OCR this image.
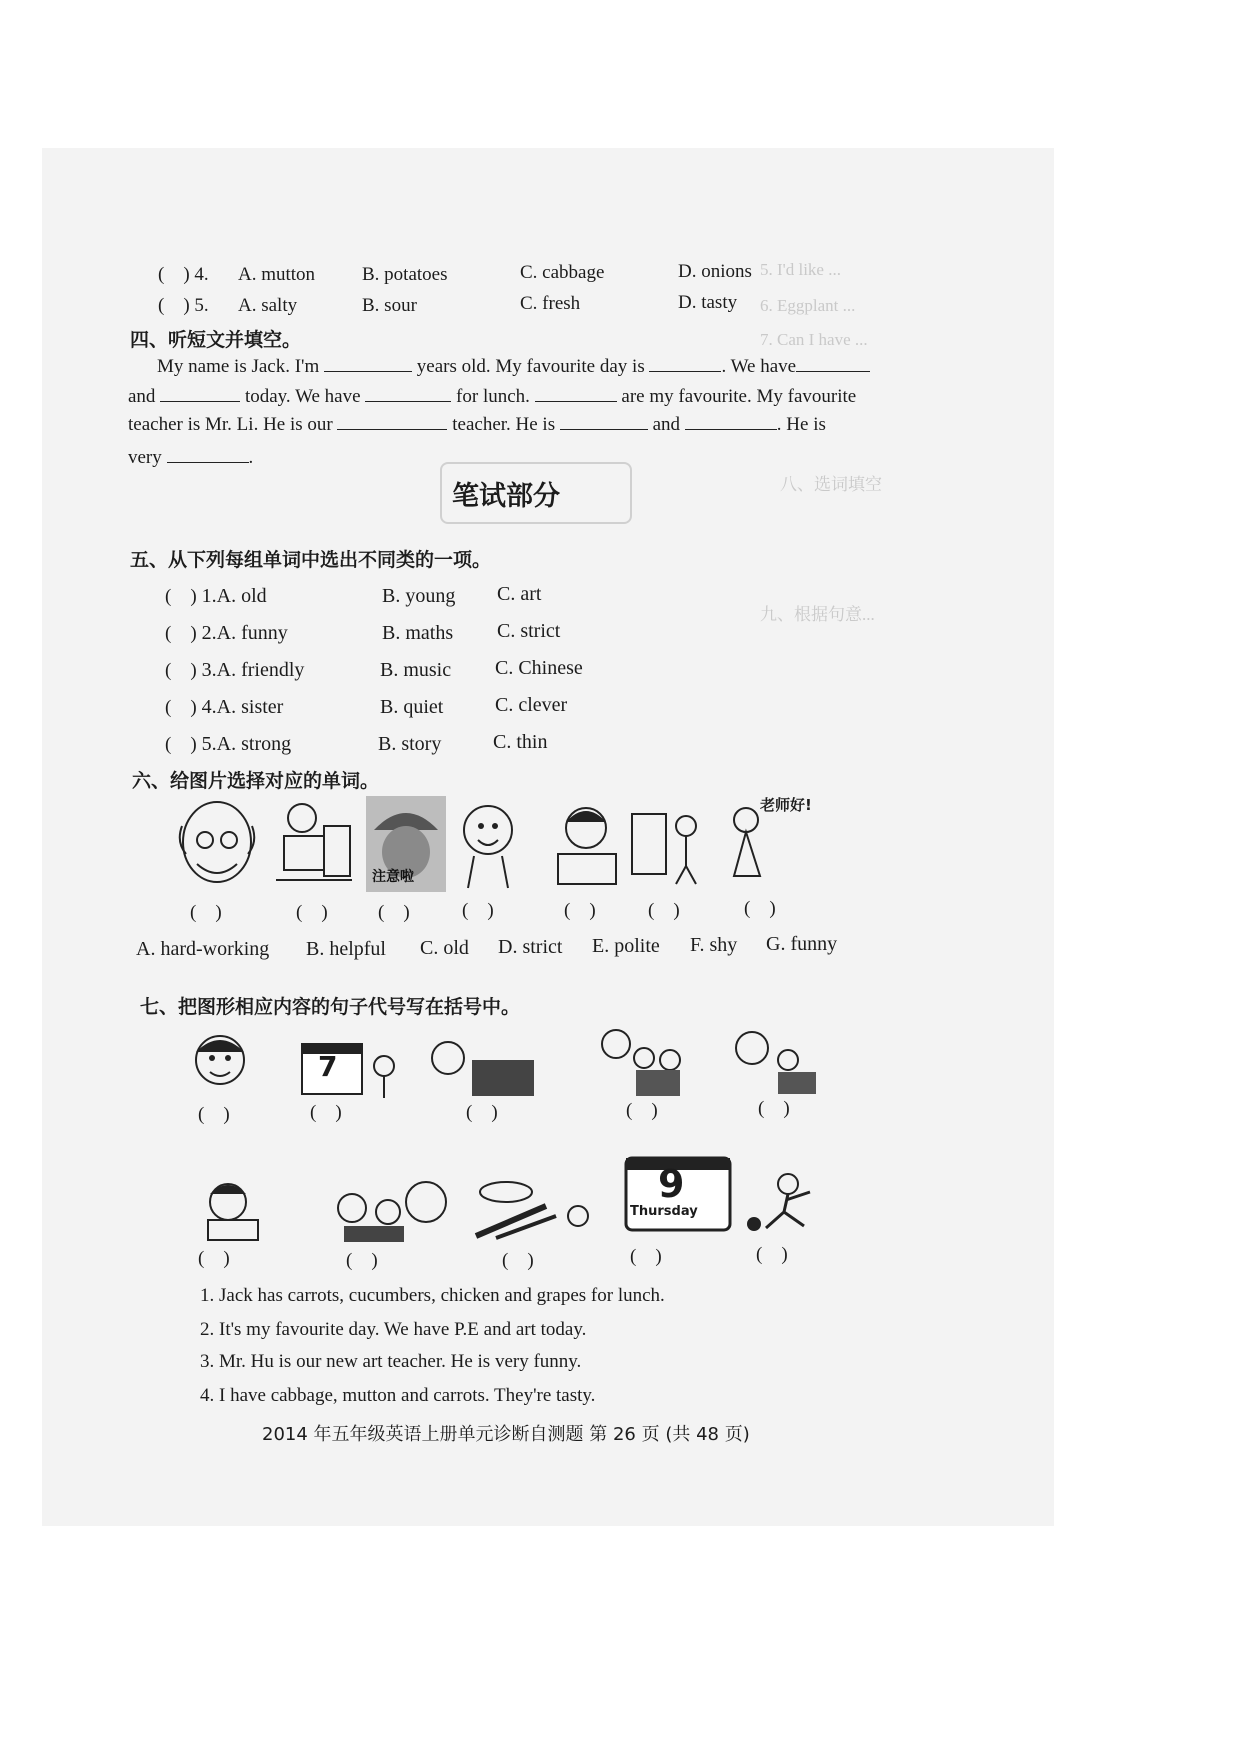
5. I'd like ...
6. Eggplant ...
7. Can I have ...
八、选词填空
九、根据句意...
(    ) 4. A. mutton B. potatoes	C. cabbage	D. onions
(    ) 5. A. salty	B. sour	C. fresh	D. tasty
四、听短文并填空。
My name is Jack. I'm	years old. My favourite day is	. We have
and	today. We have	for lunch.	are my favourite. My favourite
teacher is Mr. Li. He is our	teacher. He is	and	. He is
very	.
笔试部分
五、从下列每组单词中选出不同类的一项。
(    ) 1.A. old	B. young C. art
(    ) 2.A. funny	B. maths C. strict
(    ) 3.A. friendly	B. music C. Chinese
(    ) 4.A. sister	B. quiet	C. clever
(    ) 5.A. strong	B. story	C. thin
六、给图片选择对应的单词。
注意啦
老师好!
(    )	(    )	(    )	(    )	(    )	(    )	(    )
A. hard-working B. helpful C. old D. strict E. polite F. shy G. funny
七、把图形相应内容的句子代号写在括号中。
7
(    )	(    )	(    )	(    )	(    )
9
Thursday
(    )	(    )	(    )	(    )	(    )
1. Jack has carrots, cucumbers, chicken and grapes for lunch.
2. It's my favourite day. We have P.E and art today.
3. Mr. Hu is our new art teacher. He is very funny.
4. I have cabbage, mutton and carrots. They're tasty.
2014 年五年级英语上册单元诊断自测题 第 26 页 (共 48 页)
